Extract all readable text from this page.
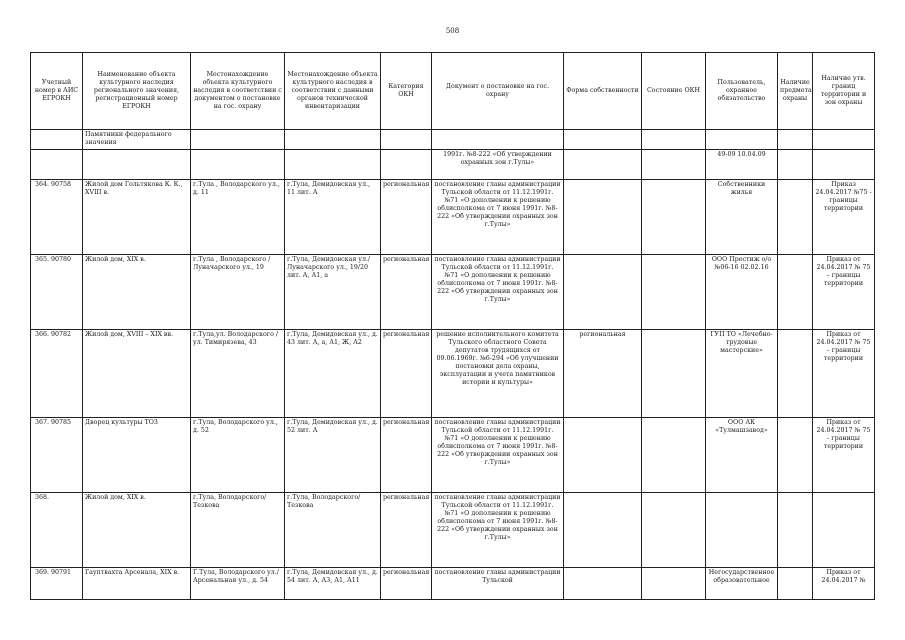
508
Учетный номер в АИС ЕГРОКН	Наименование объекта культурного наследия регионального значения, регистрационный номер ЕГРОКН	Местонахождение объекта культурного наследия в соответствии с документом о постановке на гос. охрану	Местонахождение объекта культурного наследия в соответствии с данными органов технической инвентаризации	Категория ОКН	Документ о постановке на гос. охрану	Форма собственности	Состояние ОКН	Пользователь, охранное обязательство	Наличие предмета охраны	Наличие утв. границ территории и зон охраны
	Памятники федерального значения									
					1991г. №8-222 «Об утверждении охранных зон г.Тулы»			49-09 10.04.09		
364. 90758	Жилой дом Гольтякова К. К., XVIII в.	г.Тула , Володарского ул., д. 11	г.Тула, Демидовская ул., 11 лит. А	региональная	постановление главы администрации Тульской области от 11.12.1991г. №71 «О дополнении к решению облисполкома от 7 июня 1991г. №8-222 «Об утверждении охранных зон г.Тулы»			Собственники жилья		Приказ 24.04.2017 №75 - границы территории
365. 90780	Жилой дом, XIX в.	г.Тула , Володарского / Луначарского ул., 19	г.Тула, Демидовская ул./Луначарского ул., 19/20 лит. А, А1, а	региональная	постановление главы администрации Тульской области от 11.12.1991г. №71 «О дополнении к решению облисполкома от 7 июня 1991г. №8-222 «Об утверждении охранных зон г.Тулы»			ООО Престиж о/о №06-16 02.02.16		Приказ от 24.04.2017 № 75 – границы территории
366. 90782	Жилой дом, XVIII – XIX вв.	г.Тула,ул. Володарского / ул. Тимирязева, 43	г.Тула, Демидовская ул., д. 43 лит. А, а, А1, Ж, А2	региональная	решение исполнительного комитета Тульского областного Совета депутатов трудящихся от 09.06.1969г. №6-294 «Об улучшении постановки дела охраны, эксплуатации и учета памятников истории и культуры»	региональная		ГУП ТО «Лечебно-трудовые мастерские»		Приказ от 24.04.2017 № 75 – границы территории
367. 90785	Дворец культуры ТОЗ	г.Тула, Володарского ул., д. 52	г.Тула, Демидовская ул., д. 52 лит. А	региональная	постановление главы администрации Тульской области от 11.12.1991г. №71 «О дополнении к решению облисполкома от 7 июня 1991г. №8-222 «Об утверждении охранных зон г.Тулы»			ООО АК «Тулмашзавод»		Приказ от 24.04.2017 № 75 - границы территории
368.	Жилой дом, XIX в.	г.Тула, Володарского/Тезкова	г.Тула, Володарского/Тезкова	региональная	постановление главы администрации Тульской области от 11.12.1991г. №71 «О дополнении к решению облисполкома от 7 июня 1991г. №8-222 «Об утверждении охранных зон г.Тулы»					
369. 90791	Гауптвахта Арсенала, XIX в.	Г.Тула, Володарского ул./Арсенальная ул., д. 54	г.Тула, Демидовская ул., д. 54 лит. А, А3, А1, А11	региональная	постановление главы администрации Тульской			Негосударственное образовательное		Приказ от 24.04.2017 №
